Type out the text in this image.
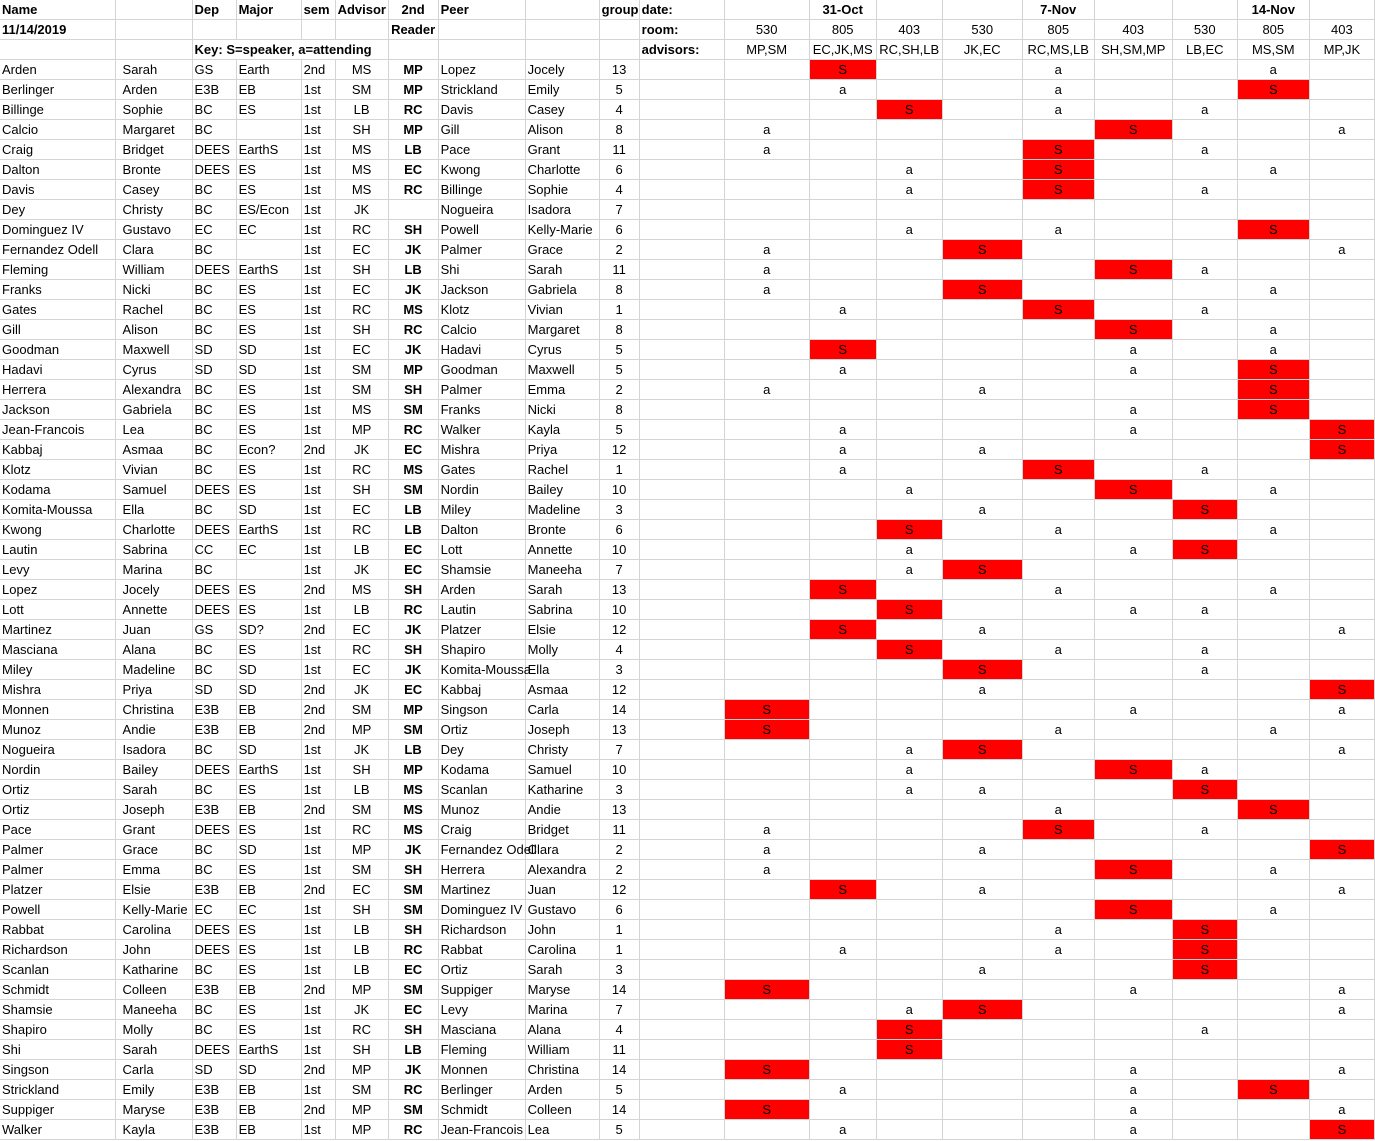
Name		Dep	Major	sem	Advisor	2nd	Peer		group	date:		31-Oct			7-Nov			14-Nov	
11/14/2019						Reader				room:	530	805	403	530	805	403	530	805	403
		Key: S=speaker, a=attending								advisors:	MP,SM	EC,JK,MS	RC,SH,LB	JK,EC	RC,MS,LB	SH,SM,MP	LB,EC	MS,SM	MP,JK
Arden	Sarah	GS	Earth	2nd	MS	MP	Lopez	Jocely	13			S			a			a	
Berlinger	Arden	E3B	EB	1st	SM	MP	Strickland	Emily	5			a			a			S	
Billinge	Sophie	BC	ES	1st	LB	RC	Davis	Casey	4				S		a		a		
Calcio	Margaret	BC		1st	SH	MP	Gill	Alison	8		a					S			a
Craig	Bridget	DEES	EarthS	1st	MS	LB	Pace	Grant	11		a				S		a		
Dalton	Bronte	DEES	ES	1st	MS	EC	Kwong	Charlotte	6				a		S			a	
Davis	Casey	BC	ES	1st	MS	RC	Billinge	Sophie	4				a		S		a		
Dey	Christy	BC	ES/Econ	1st	JK		Nogueira	Isadora	7										
Dominguez IV	Gustavo	EC	EC	1st	RC	SH	Powell	Kelly-Marie	6				a		a			S	
Fernandez Odell	Clara	BC		1st	EC	JK	Palmer	Grace	2		a			S					a
Fleming	William	DEES	EarthS	1st	SH	LB	Shi	Sarah	11		a					S	a		
Franks	Nicki	BC	ES	1st	EC	JK	Jackson	Gabriela	8		a			S				a	
Gates	Rachel	BC	ES	1st	RC	MS	Klotz	Vivian	1			a			S		a		
Gill	Alison	BC	ES	1st	SH	RC	Calcio	Margaret	8							S		a	
Goodman	Maxwell	SD	SD	1st	EC	JK	Hadavi	Cyrus	5			S				a		a	
Hadavi	Cyrus	SD	SD	1st	SM	MP	Goodman	Maxwell	5			a				a		S	
Herrera	Alexandra	BC	ES	1st	SM	SH	Palmer	Emma	2		a			a				S	
Jackson	Gabriela	BC	ES	1st	MS	SM	Franks	Nicki	8							a		S	
Jean-Francois	Lea	BC	ES	1st	MP	RC	Walker	Kayla	5			a				a			S
Kabbaj	Asmaa	BC	Econ?	2nd	JK	EC	Mishra	Priya	12			a		a					S
Klotz	Vivian	BC	ES	1st	RC	MS	Gates	Rachel	1			a			S		a		
Kodama	Samuel	DEES	ES	1st	SH	SM	Nordin	Bailey	10				a			S		a	
Komita-Moussa	Ella	BC	SD	1st	EC	LB	Miley	Madeline	3					a			S		
Kwong	Charlotte	DEES	EarthS	1st	RC	LB	Dalton	Bronte	6				S		a			a	
Lautin	Sabrina	CC	EC	1st	LB	EC	Lott	Annette	10				a			a	S		
Levy	Marina	BC		1st	JK	EC	Shamsie	Maneeha	7				a	S					
Lopez	Jocely	DEES	ES	2nd	MS	SH	Arden	Sarah	13			S			a			a	
Lott	Annette	DEES	ES	1st	LB	RC	Lautin	Sabrina	10				S			a	a		
Martinez	Juan	GS	SD?	2nd	EC	JK	Platzer	Elsie	12			S		a					a
Masciana	Alana	BC	ES	1st	RC	SH	Shapiro	Molly	4				S		a		a		
Miley	Madeline	BC	SD	1st	EC	JK	Komita-Moussa	Ella	3					S			a		
Mishra	Priya	SD	SD	2nd	JK	EC	Kabbaj	Asmaa	12					a					S
Monnen	Christina	E3B	EB	2nd	SM	MP	Singson	Carla	14		S					a			a
Munoz	Andie	E3B	EB	2nd	MP	SM	Ortiz	Joseph	13		S				a			a	
Nogueira	Isadora	BC	SD	1st	JK	LB	Dey	Christy	7				a	S					a
Nordin	Bailey	DEES	EarthS	1st	SH	MP	Kodama	Samuel	10				a			S	a		
Ortiz	Sarah	BC	ES	1st	LB	MS	Scanlan	Katharine	3				a	a			S		
Ortiz	Joseph	E3B	EB	2nd	SM	MS	Munoz	Andie	13						a			S	
Pace	Grant	DEES	ES	1st	RC	MS	Craig	Bridget	11		a				S		a		
Palmer	Grace	BC	SD	1st	MP	JK	Fernandez Odell	Clara	2		a			a					S
Palmer	Emma	BC	ES	1st	SM	SH	Herrera	Alexandra	2		a					S		a	
Platzer	Elsie	E3B	EB	2nd	EC	SM	Martinez	Juan	12			S		a					a
Powell	Kelly-Marie	EC	EC	1st	SH	SM	Dominguez IV	Gustavo	6							S		a	
Rabbat	Carolina	DEES	ES	1st	LB	SH	Richardson	John	1						a		S		
Richardson	John	DEES	ES	1st	LB	RC	Rabbat	Carolina	1			a			a		S		
Scanlan	Katharine	BC	ES	1st	LB	EC	Ortiz	Sarah	3					a			S		
Schmidt	Colleen	E3B	EB	2nd	MP	SM	Suppiger	Maryse	14		S					a			a
Shamsie	Maneeha	BC	ES	1st	JK	EC	Levy	Marina	7				a	S					a
Shapiro	Molly	BC	ES	1st	RC	SH	Masciana	Alana	4				S				a		
Shi	Sarah	DEES	EarthS	1st	SH	LB	Fleming	William	11				S						
Singson	Carla	SD	SD	2nd	MP	JK	Monnen	Christina	14		S					a			a
Strickland	Emily	E3B	EB	1st	SM	RC	Berlinger	Arden	5			a				a		S	
Suppiger	Maryse	E3B	EB	2nd	MP	SM	Schmidt	Colleen	14		S					a			a
Walker	Kayla	E3B	EB	1st	MP	RC	Jean-Francois	Lea	5			a				a			S
